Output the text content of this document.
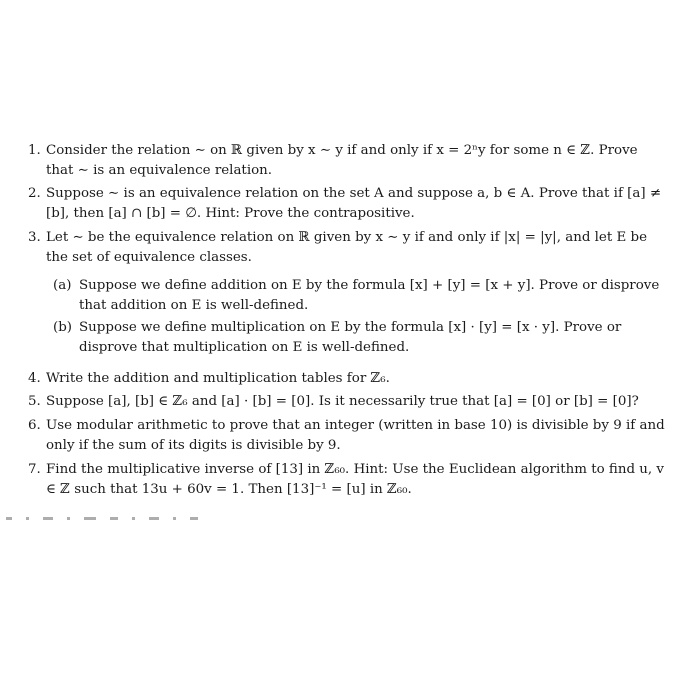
1. Consider the relation ∼ on ℝ given by x ∼ y if and only if x = 2ⁿy for some n ∈ ℤ. Prove that ∼ is an equivalence relation.
2. Suppose ∼ is an equivalence relation on the set A and suppose a, b ∈ A. Prove that if [a] ≠ [b], then [a] ∩ [b] = ∅. Hint: Prove the contrapositive.
3. Let ∼ be the equivalence relation on ℝ given by x ∼ y if and only if |x| = |y|, and let E be the set of equivalence classes.
(a) Suppose we define addition on E by the formula [x] + [y] = [x + y]. Prove or disprove that addition on E is well-defined.
(b) Suppose we define multiplication on E by the formula [x] · [y] = [x · y]. Prove or disprove that multiplication on E is well-defined.
4. Write the addition and multiplication tables for ℤ₆.
5. Suppose [a], [b] ∈ ℤ₆ and [a] · [b] = [0]. Is it necessarily true that [a] = [0] or [b] = [0]?
6. Use modular arithmetic to prove that an integer (written in base 10) is divisible by 9 if and only if the sum of its digits is divisible by 9.
7. Find the multiplicative inverse of [13] in ℤ₆₀. Hint: Use the Euclidean algorithm to find u, v ∈ ℤ such that 13u + 60v = 1. Then [13]⁻¹ = [u] in ℤ₆₀.
